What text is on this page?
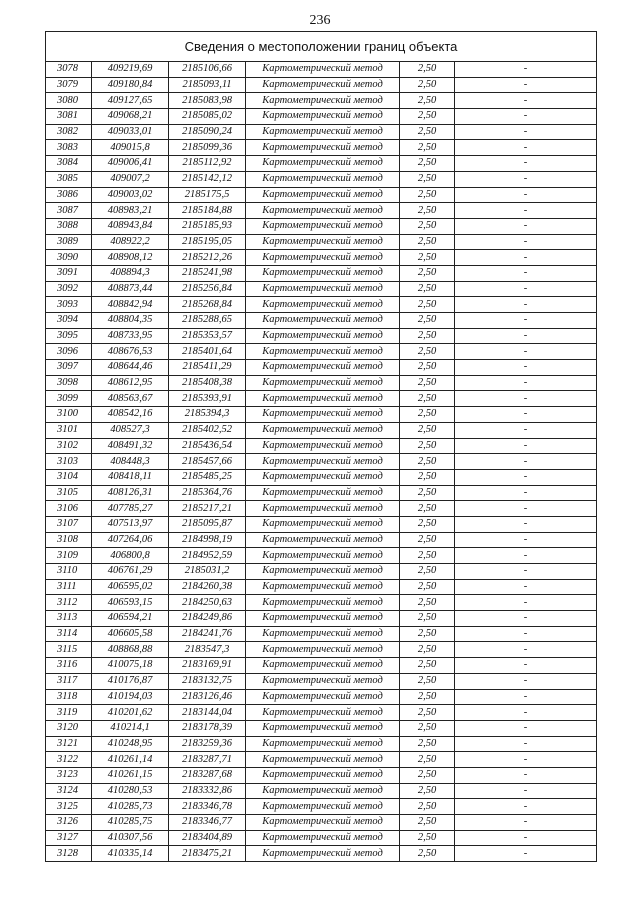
236
Сведения о местоположении границ объекта					
3078	409219,69	2185106,66	Картометрический метод	2,50	-
3079	409180,84	2185093,11	Картометрический метод	2,50	-
3080	409127,65	2185083,98	Картометрический метод	2,50	-
3081	409068,21	2185085,02	Картометрический метод	2,50	-
3082	409033,01	2185090,24	Картометрический метод	2,50	-
3083	409015,8	2185099,36	Картометрический метод	2,50	-
3084	409006,41	2185112,92	Картометрический метод	2,50	-
3085	409007,2	2185142,12	Картометрический метод	2,50	-
3086	409003,02	2185175,5	Картометрический метод	2,50	-
3087	408983,21	2185184,88	Картометрический метод	2,50	-
3088	408943,84	2185185,93	Картометрический метод	2,50	-
3089	408922,2	2185195,05	Картометрический метод	2,50	-
3090	408908,12	2185212,26	Картометрический метод	2,50	-
3091	408894,3	2185241,98	Картометрический метод	2,50	-
3092	408873,44	2185256,84	Картометрический метод	2,50	-
3093	408842,94	2185268,84	Картометрический метод	2,50	-
3094	408804,35	2185288,65	Картометрический метод	2,50	-
3095	408733,95	2185353,57	Картометрический метод	2,50	-
3096	408676,53	2185401,64	Картометрический метод	2,50	-
3097	408644,46	2185411,29	Картометрический метод	2,50	-
3098	408612,95	2185408,38	Картометрический метод	2,50	-
3099	408563,67	2185393,91	Картометрический метод	2,50	-
3100	408542,16	2185394,3	Картометрический метод	2,50	-
3101	408527,3	2185402,52	Картометрический метод	2,50	-
3102	408491,32	2185436,54	Картометрический метод	2,50	-
3103	408448,3	2185457,66	Картометрический метод	2,50	-
3104	408418,11	2185485,25	Картометрический метод	2,50	-
3105	408126,31	2185364,76	Картометрический метод	2,50	-
3106	407785,27	2185217,21	Картометрический метод	2,50	-
3107	407513,97	2185095,87	Картометрический метод	2,50	-
3108	407264,06	2184998,19	Картометрический метод	2,50	-
3109	406800,8	2184952,59	Картометрический метод	2,50	-
3110	406761,29	2185031,2	Картометрический метод	2,50	-
3111	406595,02	2184260,38	Картометрический метод	2,50	-
3112	406593,15	2184250,63	Картометрический метод	2,50	-
3113	406594,21	2184249,86	Картометрический метод	2,50	-
3114	406605,58	2184241,76	Картометрический метод	2,50	-
3115	408868,88	2183547,3	Картометрический метод	2,50	-
3116	410075,18	2183169,91	Картометрический метод	2,50	-
3117	410176,87	2183132,75	Картометрический метод	2,50	-
3118	410194,03	2183126,46	Картометрический метод	2,50	-
3119	410201,62	2183144,04	Картометрический метод	2,50	-
3120	410214,1	2183178,39	Картометрический метод	2,50	-
3121	410248,95	2183259,36	Картометрический метод	2,50	-
3122	410261,14	2183287,71	Картометрический метод	2,50	-
3123	410261,15	2183287,68	Картометрический метод	2,50	-
3124	410280,53	2183332,86	Картометрический метод	2,50	-
3125	410285,73	2183346,78	Картометрический метод	2,50	-
3126	410285,75	2183346,77	Картометрический метод	2,50	-
3127	410307,56	2183404,89	Картометрический метод	2,50	-
3128	410335,14	2183475,21	Картометрический метод	2,50	-
